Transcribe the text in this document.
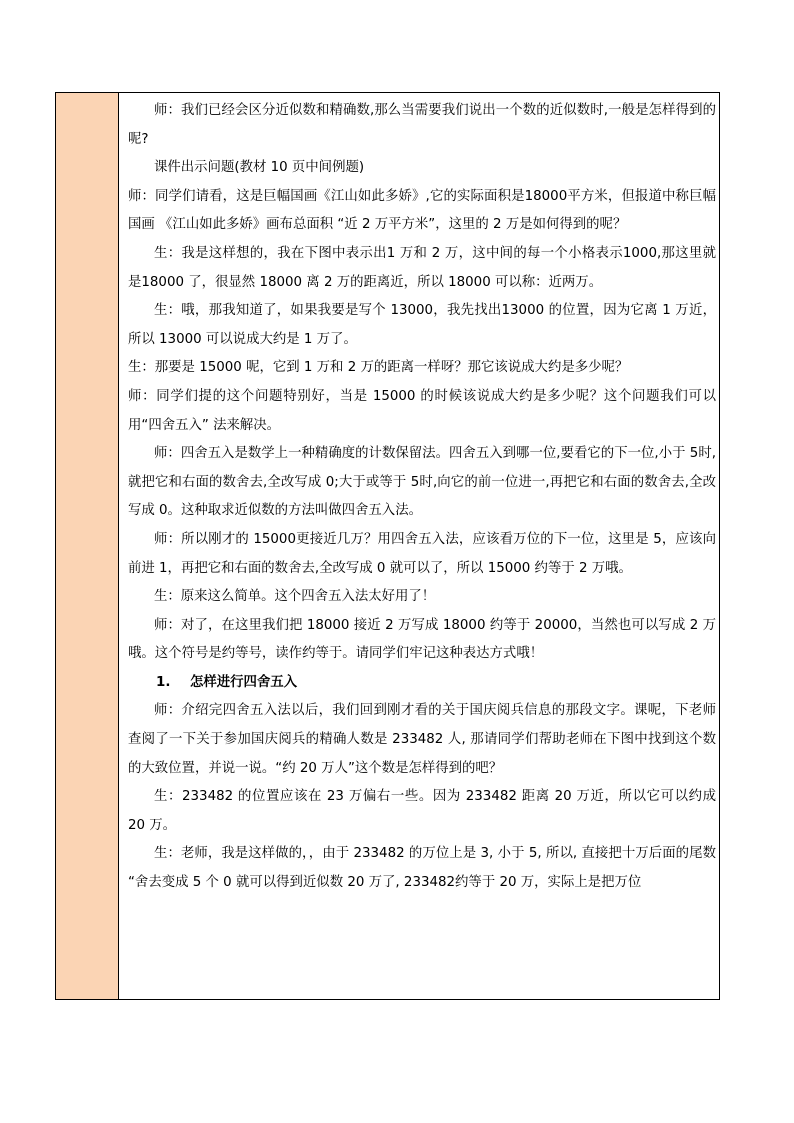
师：我们已经会区分近似数和精确数,那么当需要我们说出一个数的近似数时,一般是怎样得到的呢?

课件出示问题(教材 10 页中间例题)

师：同学们请看，这是巨幅国画《江山如此多娇》,它的实际面积是18000平方米，但报道中称巨幅国画 《江山如此多娇》画布总面积 “近 2 万平方米”，这里的 2 万是如何得到的呢？

生：我是这样想的，我在下图中表示出1 万和 2 万，这中间的每一个小格表示1000,那这里就是18000 了，很显然 18000 离 2 万的距离近，所以 18000 可以称：近两万。

生：哦，那我知道了，如果我要是写个 13000，我先找出13000 的位置，因为它离 1 万近，所以 13000 可以说成大约是 1 万了。

生：那要是 15000 呢，它到 1 万和 2 万的距离一样呀？那它该说成大约是多少呢？

师：同学们提的这个问题特别好，当是 15000 的时候该说成大约是多少呢？这个问题我们可以用“四舍五入” 法来解决。

师：四舍五入是数学上一种精确度的计数保留法。四舍五入到哪一位,要看它的下一位,小于 5时,就把它和右面的数舍去,全改写成 0;大于或等于 5时,向它的前一位进一,再把它和右面的数舍去,全改写成 0。这种取求近似数的方法叫做四舍五入法。

师：所以刚才的 15000更接近几万？用四舍五入法，应该看万位的下一位，这里是 5，应该向前进 1，再把它和右面的数舍去,全改写成 0 就可以了，所以 15000 约等于 2 万哦。

生：原来这么简单。这个四舍五入法太好用了！

师：对了，在这里我们把 18000 接近 2 万写成 18000 约等于 20000，当然也可以写成 2 万哦。这个符号是约等号，读作约等于。请同学们牢记这种表达方式哦！

1. 怎样进行四舍五入

师：介绍完四舍五入法以后，我们回到刚才看的关于国庆阅兵信息的那段文字。课呢，下老师查阅了一下关于参加国庆阅兵的精确人数是 233482 人, 那请同学们帮助老师在下图中找到这个数的大致位置，并说一说。“约 20 万人”这个数是怎样得到的吧？

生：233482 的位置应该在 23 万偏右一些。因为 233482 距离 20 万近，所以它可以约成 20 万。

生：老师，我是这样做的，，由于 233482 的万位上是 3, 小于 5, 所以, 直接把十万后面的尾数 “舍去变成 5 个 0 就可以得到近似数 20 万了, 233482约等于 20 万，实际上是把万位
